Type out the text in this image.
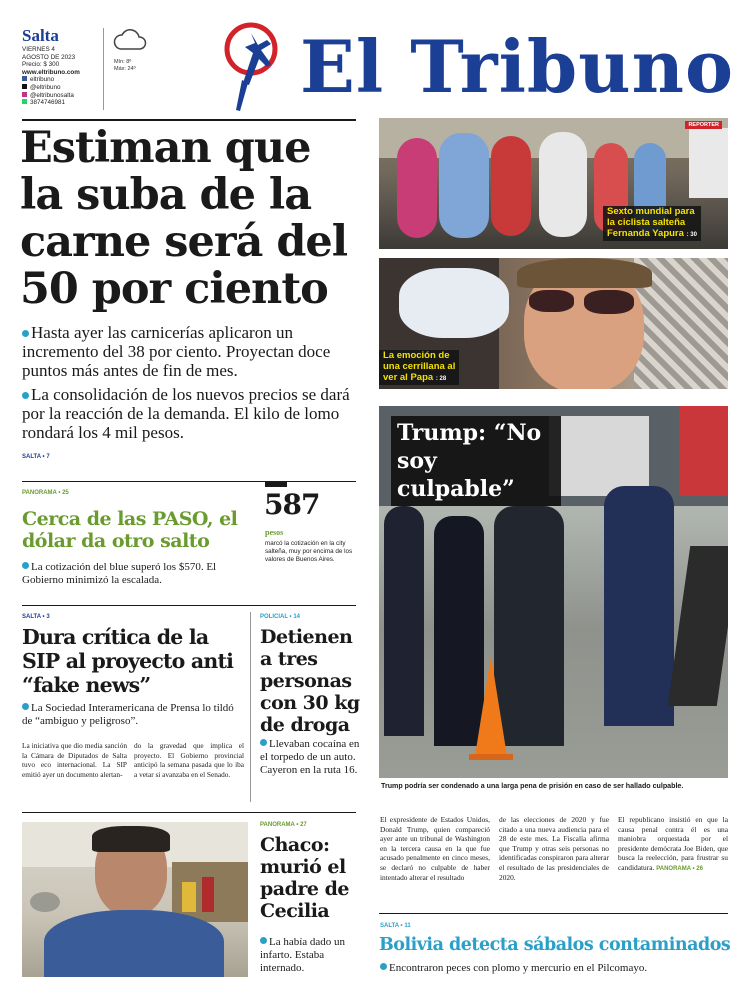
Salta
VIERNES 4
AGOSTO DE 2023
Precio: $ 300
www.eltribuno.com
eltribuno
@eltribuno
@eltribunosalta
3874746981
Mín: 8º
Máx: 24º El Tribuno
Estiman que la suba de la carne será del 50 por ciento
Hasta ayer las carnicerías aplicaron un incremento del 38 por ciento. Proyectan doce puntos más antes de fin de mes.
La consolidación de los nuevos precios se dará por la reacción de la demanda. El kilo de lomo rondará los 4 mil pesos.
SALTA • 7
PANORAMA • 25
Cerca de las PASO, el dólar da otro salto
La cotización del blue superó los $570. El Gobierno minimizó la escalada.
587
pesos
marcó la cotización en la city salteña, muy por encima de los valores de Buenos Aires.
SALTA • 3
Dura crítica de la SIP al proyecto anti “fake news”
La Sociedad Interamericana de Prensa lo tildó de “ambiguo y peligroso”.
La iniciativa que dio media sanción la Cámara de Diputados de Salta tuvo eco internacional. La SIP emitió ayer un documento alertan-
do la gravedad que implica el proyecto. El Gobierno provincial anticipó la semana pasada que lo iba a vetar si avanzaba en el Senado.
POLICIAL • 14
Detienen a tres personas con 30 kg de droga
Llevaban cocaína en el torpedo de un auto. Cayeron en la ruta 16.
PANORAMA • 27
Chaco: murió el padre de Cecilia
La había dado un infarto. Estaba internado.
REPORTER
Sexto mundial para
la ciclista salteña
Fernanda Yapura : 30
La emoción de
una cerrillana al
ver al Papa : 28
Trump: “No
soy culpable”
Trump podría ser condenado a una larga pena de prisión en caso de ser hallado culpable.
El expresidente de Estados Unidos, Donald Trump, quien compareció ayer ante un tribunal de Washington en la tercera causa en la que fue acusado penalmente en cinco meses, se declaró no culpable de haber intentado alterar el resultado
de las elecciones de 2020 y fue citado a una nueva audiencia para el 28 de este mes. La Fiscalía afirma que Trump y otras seis personas no identificadas conspiraron para alterar el resultado de las presidenciales de 2020.
El republicano insistió en que la causa penal contra él es una maniobra orquestada por el presidente demócrata Joe Biden, que busca la reelección, para frustrar su candidatura. PANORAMA • 26
SALTA • 11
Bolivia detecta sábalos contaminados
Encontraron peces con plomo y mercurio en el Pilcomayo.
